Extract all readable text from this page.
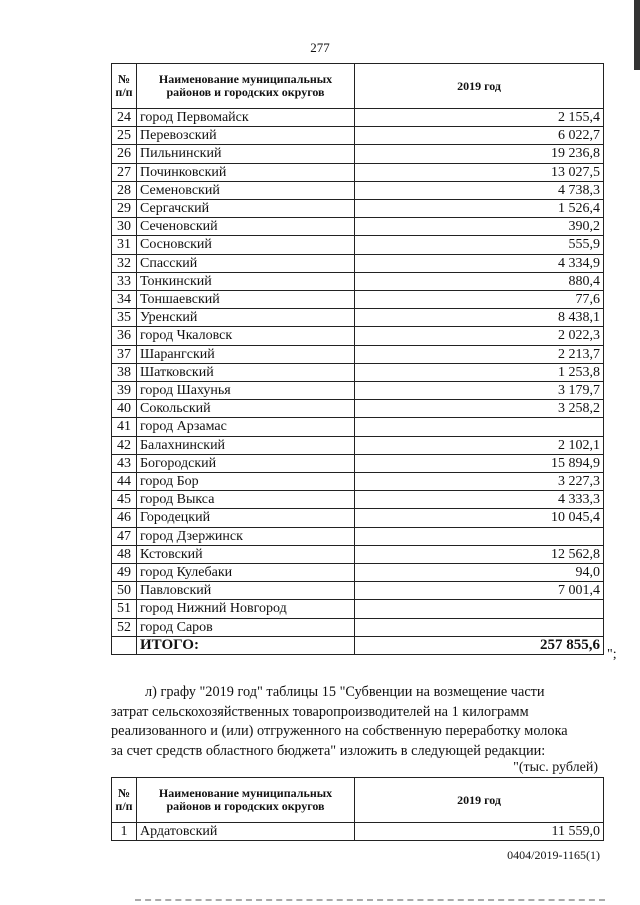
277
№ п/п	Наименование муниципальных районов и городских округов	2019 год
24	город Первомайск	2 155,4
25	Перевозский	6 022,7
26	Пильнинский	19 236,8
27	Починковский	13 027,5
28	Семеновский	4 738,3
29	Сергачский	1 526,4
30	Сеченовский	390,2
31	Сосновский	555,9
32	Спасский	4 334,9
33	Тонкинский	880,4
34	Тоншаевский	77,6
35	Уренский	8 438,1
36	город Чкаловск	2 022,3
37	Шарангский	2 213,7
38	Шатковский	1 253,8
39	город Шахунья	3 179,7
40	Сокольский	3 258,2
41	город Арзамас	
42	Балахнинский	2 102,1
43	Богородский	15 894,9
44	город Бор	3 227,3
45	город Выкса	4 333,3
46	Городецкий	10 045,4
47	город Дзержинск	
48	Кстовский	12 562,8
49	город Кулебаки	94,0
50	Павловский	7 001,4
51	город Нижний Новгород	
52	город Саров	
	ИТОГО:	257 855,6
";

л) графу "2019 год" таблицы 15 "Субвенции на возмещение части

затрат сельскохозяйственных товаропроизводителей на 1 килограмм

реализованного и (или) отгруженного на собственную переработку молока

за счет средств областного бюджета" изложить в следующей редакции:

"(тыс. рублей)
№ п/п	Наименование муниципальных районов и городских округов	2019 год
1	Ардатовский	11 559,0
0404/2019-1165(1)
